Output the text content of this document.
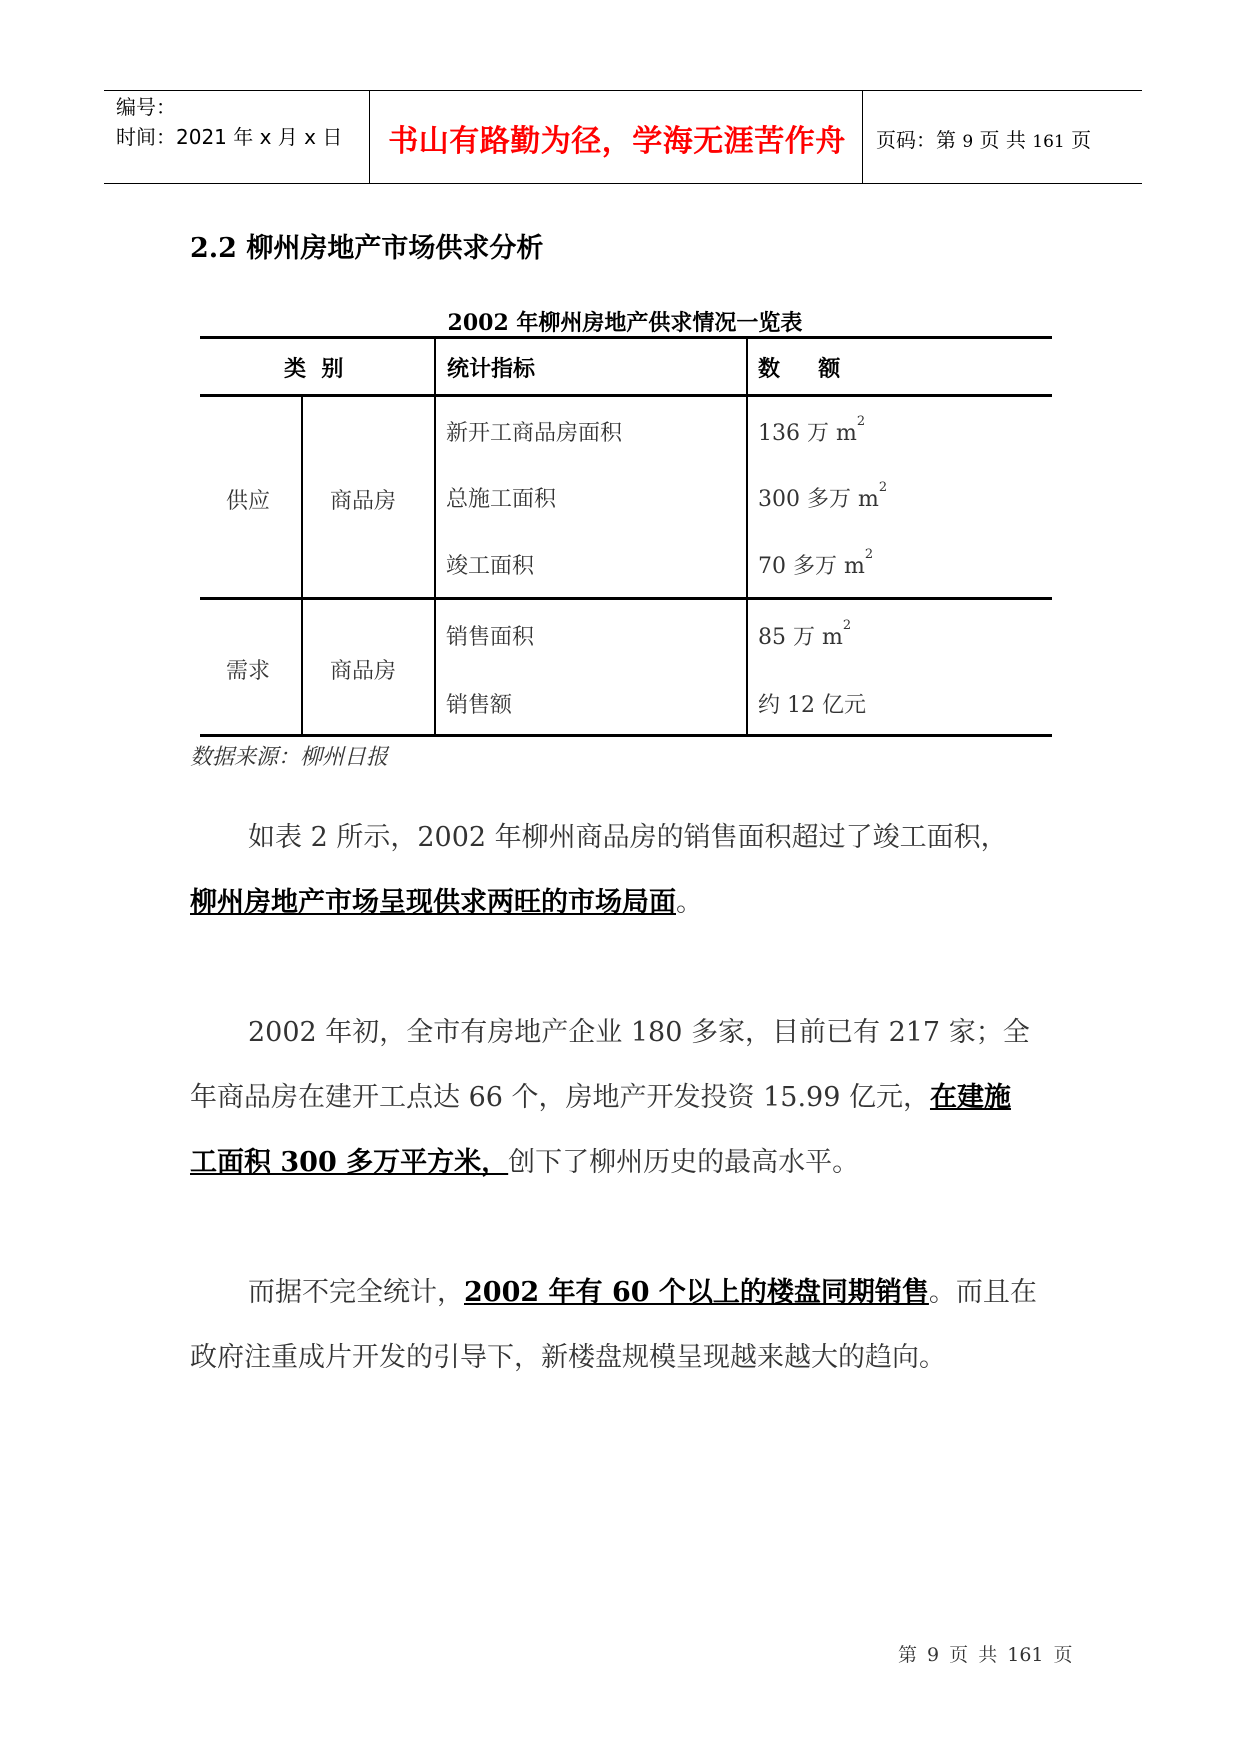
编号：
时间：2021 年 x 月 x 日	书山有路勤为径，学海无涯苦作舟	页码：第 9 页 共 161 页
2.2 柳州房地产市场供求分析
2002 年柳州房地产供求情况一览表
类  别	统计指标	数     额
供应	商品房
新开工商品房面积	136 万 $m^2$
总施工面积	300 多万 $m^2$
竣工面积	70 多万 $m^2$
需求	商品房
销售面积	85 万 $m^2$
销售额	约 12 亿元
数据来源：柳州日报
如表 2 所示，2002 年柳州商品房的销售面积超过了竣工面积，
柳州房地产市场呈现供求两旺的市场局面。
2002 年初，全市有房地产企业 180 多家，目前已有 217 家；全
年商品房在建开工点达 66 个，房地产开发投资 15.99 亿元，在建施
工面积 300 多万平方米，创下了柳州历史的最高水平。
而据不完全统计，2002 年有 60 个以上的楼盘同期销售。而且在
政府注重成片开发的引导下，新楼盘规模呈现越来越大的趋向。
第 9 页 共 161 页
